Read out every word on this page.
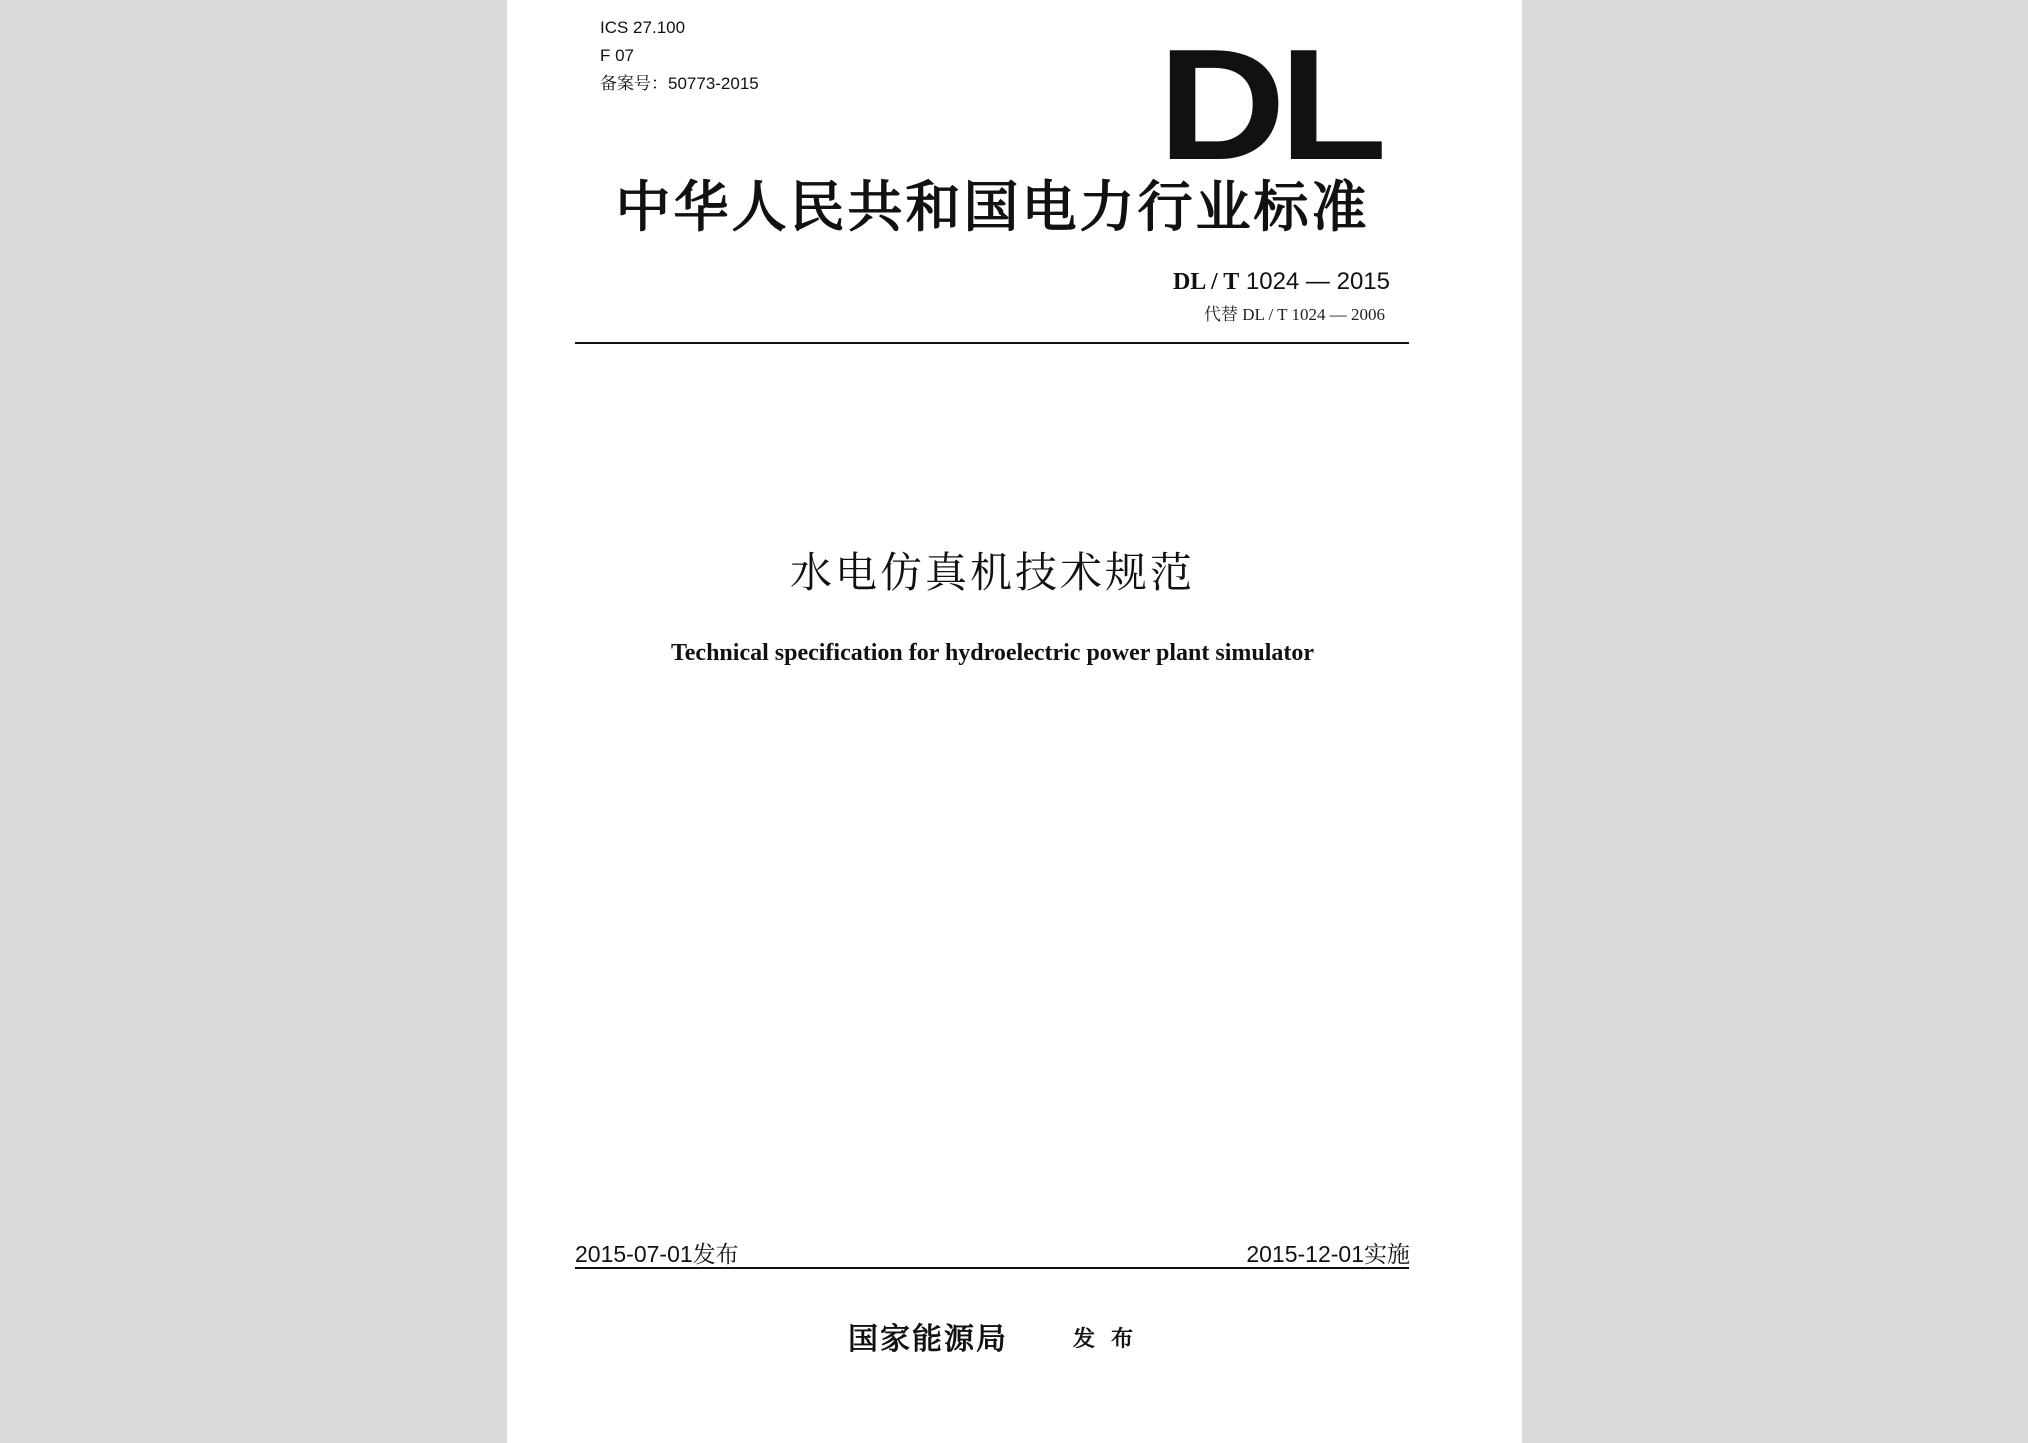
ICS 27.100
F 07
备案号：50773-2015	DL
中华人民共和国电力行业标准
DL / T 1024 — 2015
代替 DL / T 1024 — 2006
水电仿真机技术规范
Technical specification for hydroelectric power plant simulator
2015-07-01发布	2015-12-01实施
国家能源局	发布
